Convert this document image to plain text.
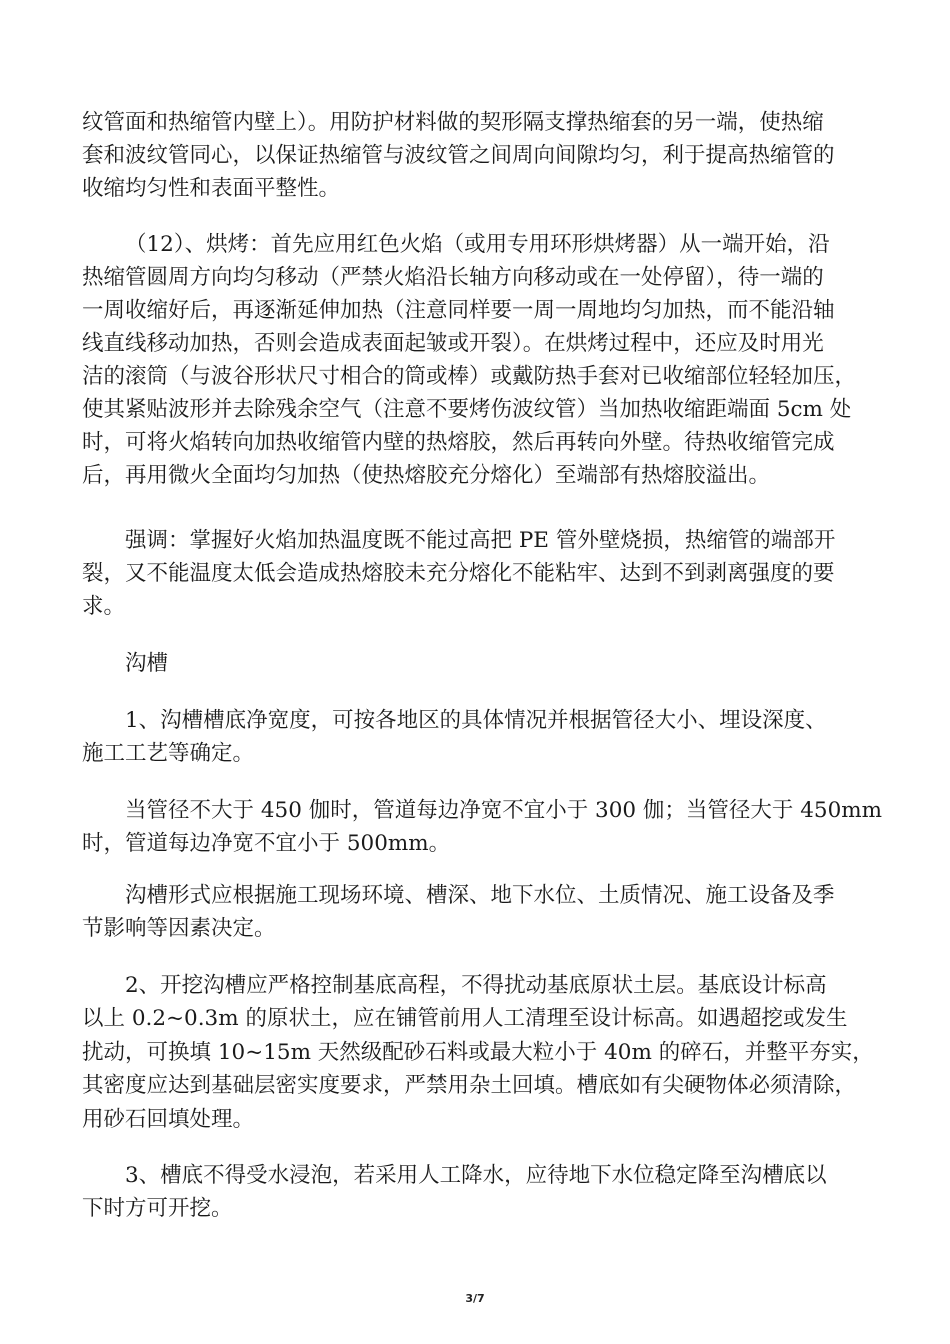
纹管面和热缩管内壁上）。用防护材料做的契形隔支撑热缩套的另一端，使热缩
套和波纹管同心，以保证热缩管与波纹管之间周向间隙均匀，利于提高热缩管的
收缩均匀性和表面平整性。
（12）、烘烤：首先应用红色火焰（或用专用环形烘烤器）从一端开始，沿
热缩管圆周方向均匀移动（严禁火焰沿长轴方向移动或在一处停留），待一端的
一周收缩好后，再逐渐延伸加热（注意同样要一周一周地均匀加热，而不能沿轴
线直线移动加热，否则会造成表面起皱或开裂）。在烘烤过程中，还应及时用光
洁的滚筒（与波谷形状尺寸相合的筒或棒）或戴防热手套对已收缩部位轻轻加压，
使其紧贴波形并去除残余空气（注意不要烤伤波纹管）当加热收缩距端面 5cm 处
时，可将火焰转向加热收缩管内壁的热熔胶，然后再转向外壁。待热收缩管完成
后，再用微火全面均匀加热（使热熔胶充分熔化）至端部有热熔胶溢出。
强调：掌握好火焰加热温度既不能过高把 PE 管外壁烧损，热缩管的端部开
裂，又不能温度太低会造成热熔胶未充分熔化不能粘牢、达到不到剥离强度的要
求。
沟槽
1、沟槽槽底净宽度，可按各地区的具体情况并根据管径大小、埋设深度、
施工工艺等确定。
当管径不大于 450 伽时，管道每边净宽不宜小于 300 伽；当管径大于 450mm
时，管道每边净宽不宜小于 500mm。
沟槽形式应根据施工现场环境、槽深、地下水位、土质情况、施工设备及季
节影响等因素决定。
2、开挖沟槽应严格控制基底高程，不得扰动基底原状土层。基底设计标高
以上 0.2~0.3m 的原状土，应在铺管前用人工清理至设计标高。如遇超挖或发生
扰动，可换填 10~15m 天然级配砂石料或最大粒小于 40m 的碎石，并整平夯实，
其密度应达到基础层密实度要求，严禁用杂土回填。槽底如有尖硬物体必须清除，
用砂石回填处理。
3、槽底不得受水浸泡，若采用人工降水，应待地下水位稳定降至沟槽底以
下时方可开挖。
3/7
